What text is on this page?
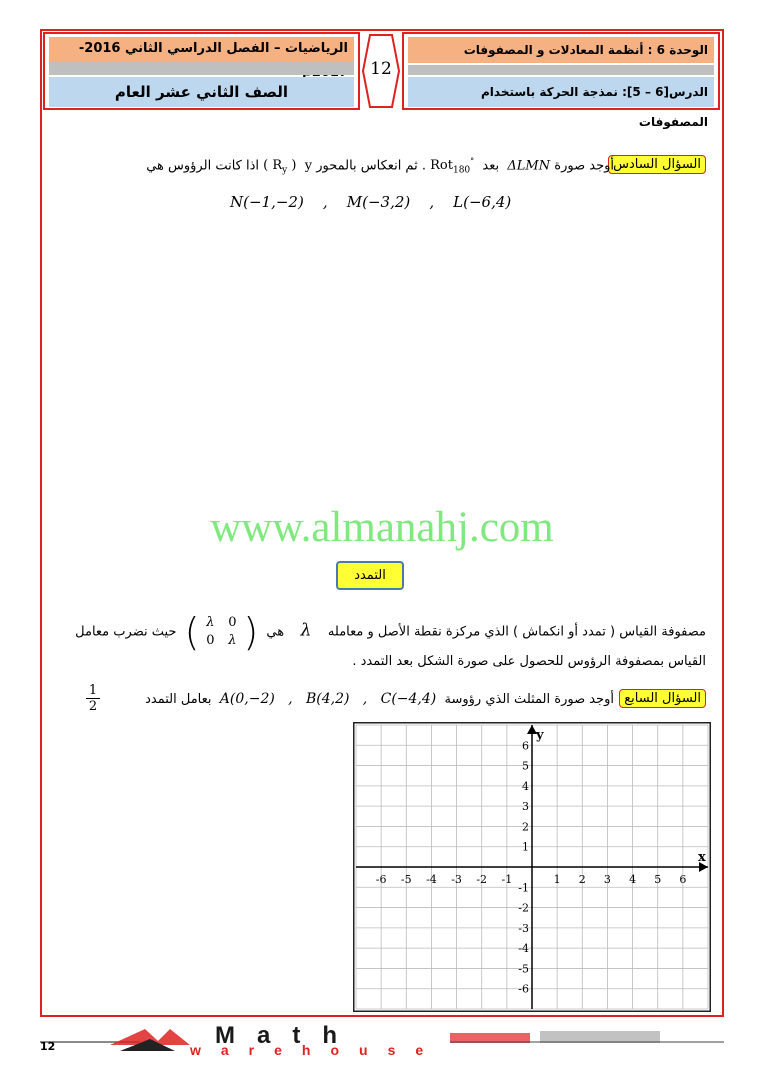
الرياضيات – الفصل الدراسي الثاني 2016-
الصف الثاني عشر العام
12
الوحدة 6 : أنظمة المعادلات و المصفوفات
الدرس[6 – 5]: نمذجة الحركة باستخدام المصفوفات
السؤال السادس
أوجد صورة ΔLMN  بعد  Rot$_{180}$° . ثم انعكاس بالمحور y  ( $R_y$ ) اذا كانت الرؤوس هي
N(−1,−2)    ,    M(−3,2)    ,    L(−6,4)
www.almanahj.com
التمدد
مصفوفة القياس ( تمدد أو انكماش ) الذي مركزة نقطة الأصل و معامله    λ    هي ( λ	0
0	λ ) حيث نضرب معامل
القياس بمصفوفة الرؤوس للحصول على صورة الشكل بعد التمدد .
السؤال السابع
أوجد صورة المثلث الذي رؤوسة  A(0,−2)   ,   B(4,2)   ,   C(−4,4)  بعامل التمدد
$\frac{1}{2}$
x
y
-6 -5 -4 -3 -2 -1	1 2 3 4 5 6
6
5
4
3
2
1
-1
-2
-3
-4
-5
-6
Math
warehouse
12
